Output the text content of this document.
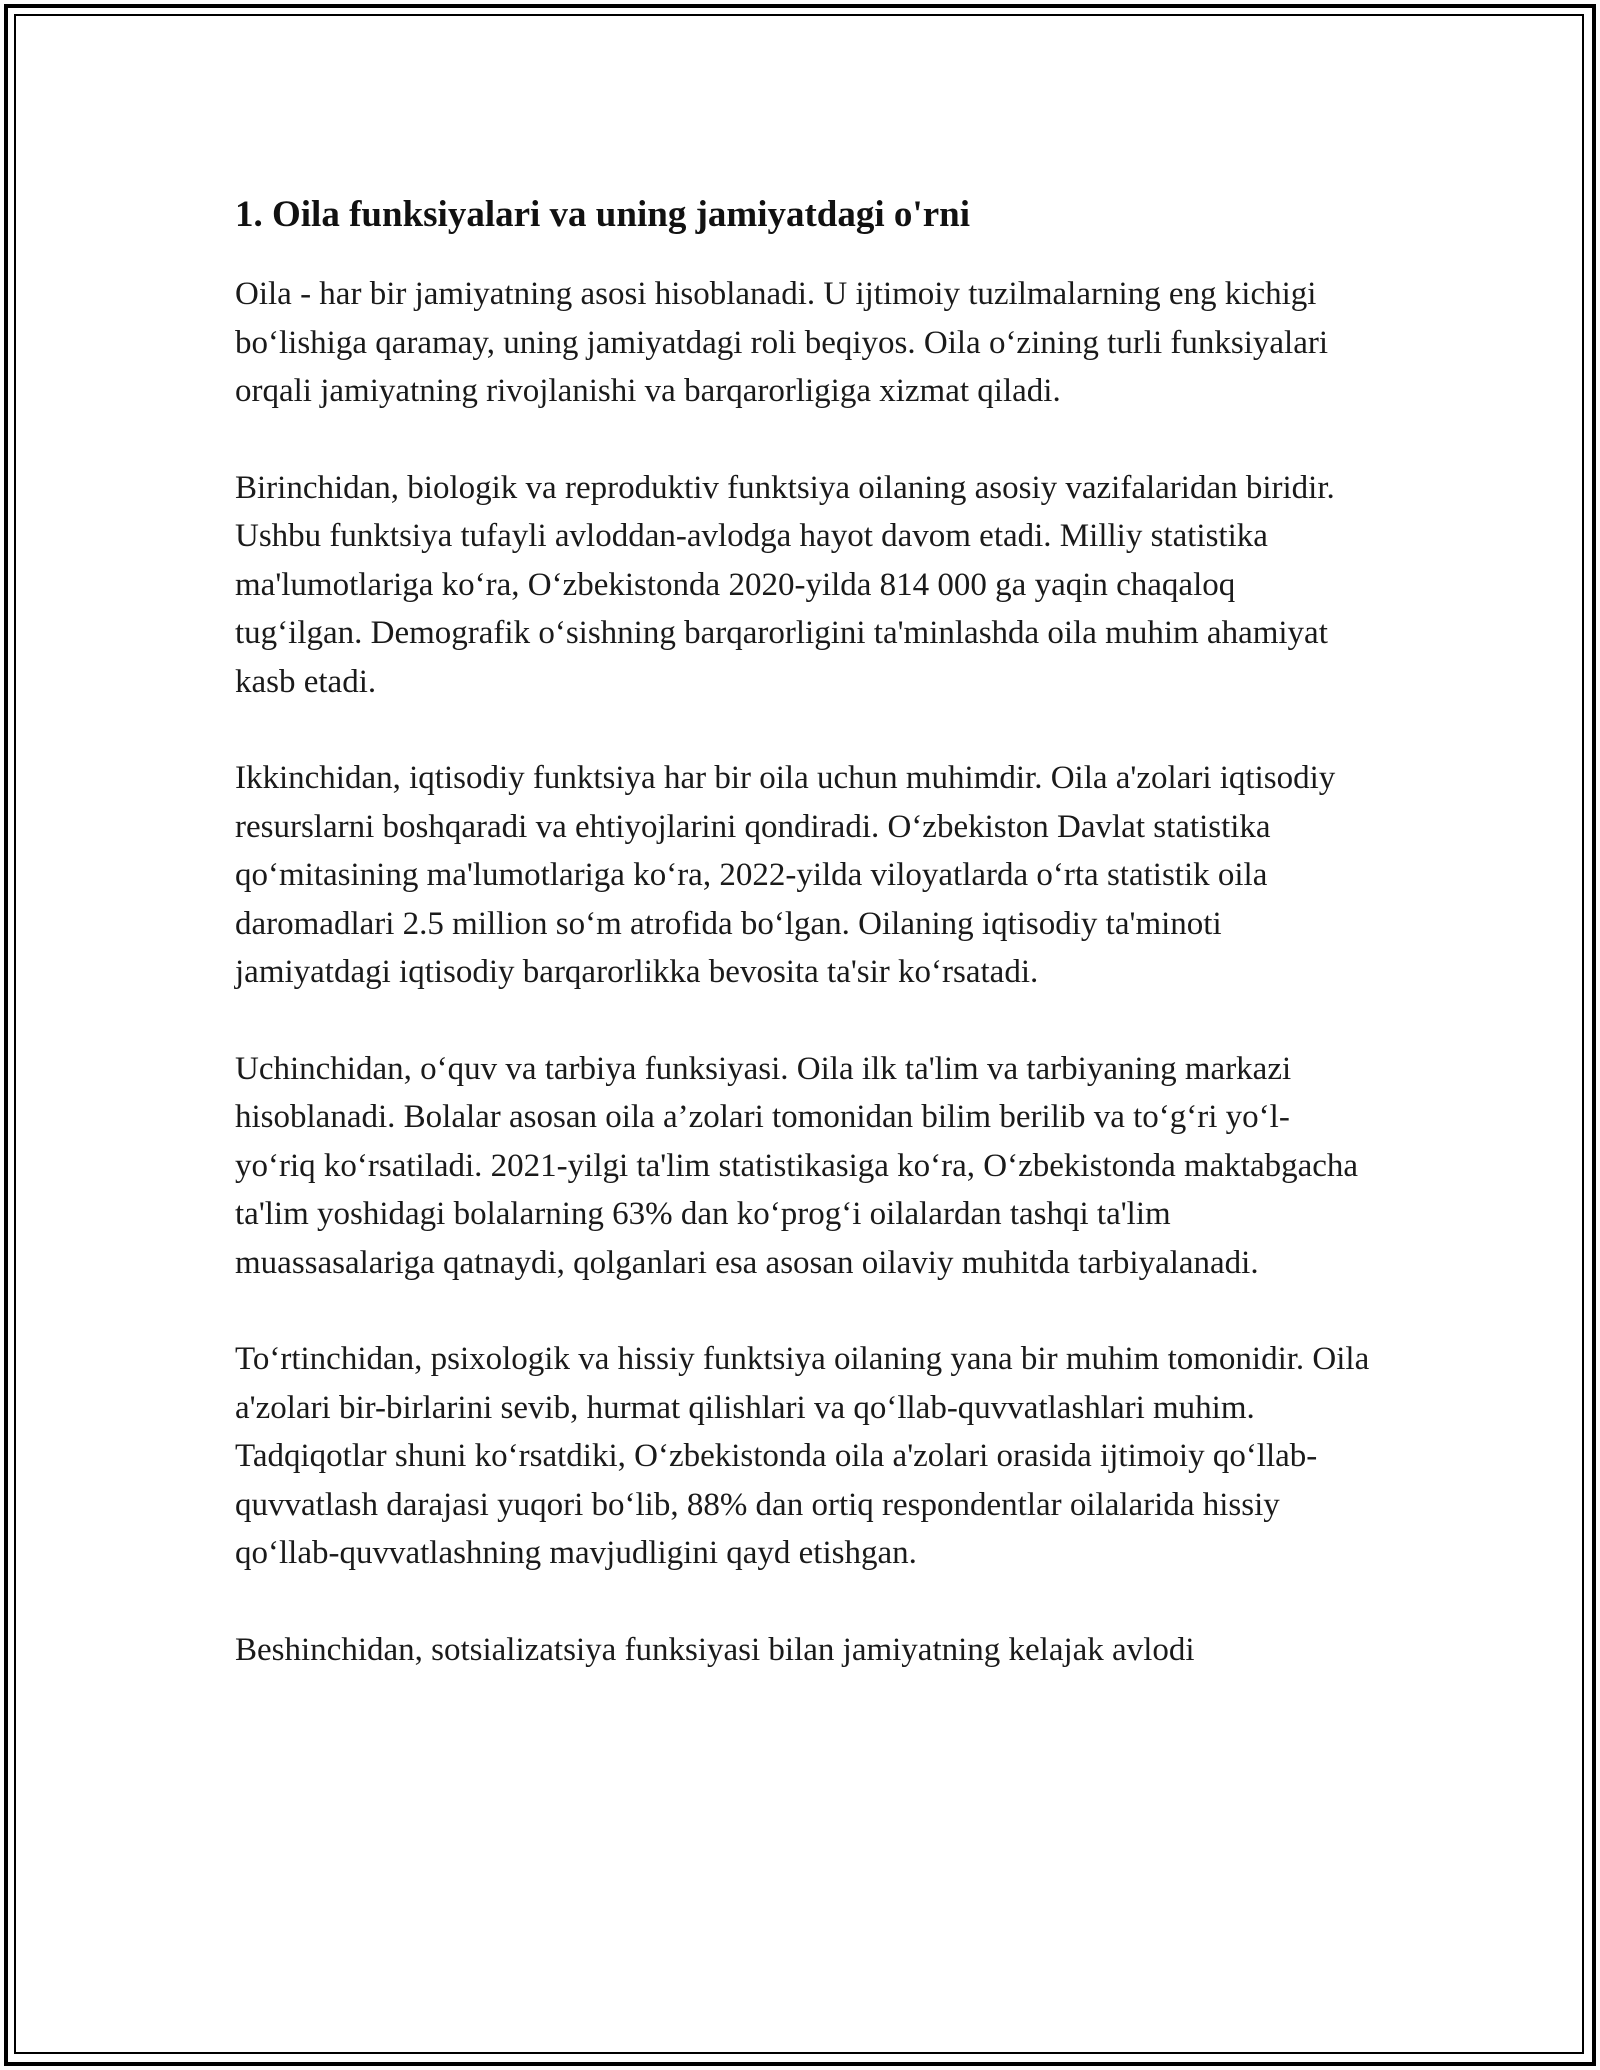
1. Oila funksiyalari va uning jamiyatdagi o'rni

Oila - har bir jamiyatning asosi hisoblanadi. U ijtimoiy tuzilmalarning eng kichigi boʻlishiga qaramay, uning jamiyatdagi roli beqiyos. Oila oʻzining turli funksiyalari orqali jamiyatning rivojlanishi va barqarorligiga xizmat qiladi.

Birinchidan, biologik va reproduktiv funktsiya oilaning asosiy vazifalaridan biridir. Ushbu funktsiya tufayli avloddan-avlodga hayot davom etadi. Milliy statistika ma'lumotlariga koʻra, Oʻzbekistonda 2020-yilda 814 000 ga yaqin chaqaloq tugʻilgan. Demografik oʻsishning barqarorligini ta'minlashda oila muhim ahamiyat kasb etadi.

Ikkinchidan, iqtisodiy funktsiya har bir oila uchun muhimdir. Oila a'zolari iqtisodiy resurslarni boshqaradi va ehtiyojlarini qondiradi. Oʻzbekiston Davlat statistika qoʻmitasining ma'lumotlariga koʻra, 2022-yilda viloyatlarda oʻrta statistik oila daromadlari 2.5 million soʻm atrofida boʻlgan. Oilaning iqtisodiy ta'minoti jamiyatdagi iqtisodiy barqarorlikka bevosita ta'sir koʻrsatadi.

Uchinchidan, oʻquv va tarbiya funksiyasi. Oila ilk ta'lim va tarbiyaning markazi hisoblanadi. Bolalar asosan oila a’zolari tomonidan bilim berilib va toʻgʻri yoʻl-yoʻriq koʻrsatiladi. 2021-yilgi ta'lim statistikasiga koʻra, Oʻzbekistonda maktabgacha ta'lim yoshidagi bolalarning 63% dan koʻprogʻi oilalardan tashqi ta'lim muassasalariga qatnaydi, qolganlari esa asosan oilaviy muhitda tarbiyalanadi.

Toʻrtinchidan, psixologik va hissiy funktsiya oilaning yana bir muhim tomonidir. Oila a'zolari bir-birlarini sevib, hurmat qilishlari va qoʻllab-quvvatlashlari muhim. Tadqiqotlar shuni koʻrsatdiki, Oʻzbekistonda oila a'zolari orasida ijtimoiy qoʻllab-quvvatlash darajasi yuqori boʻlib, 88% dan ortiq respondentlar oilalarida hissiy qoʻllab-quvvatlashning mavjudligini qayd etishgan.

Beshinchidan, sotsializatsiya funksiyasi bilan jamiyatning kelajak avlodi
